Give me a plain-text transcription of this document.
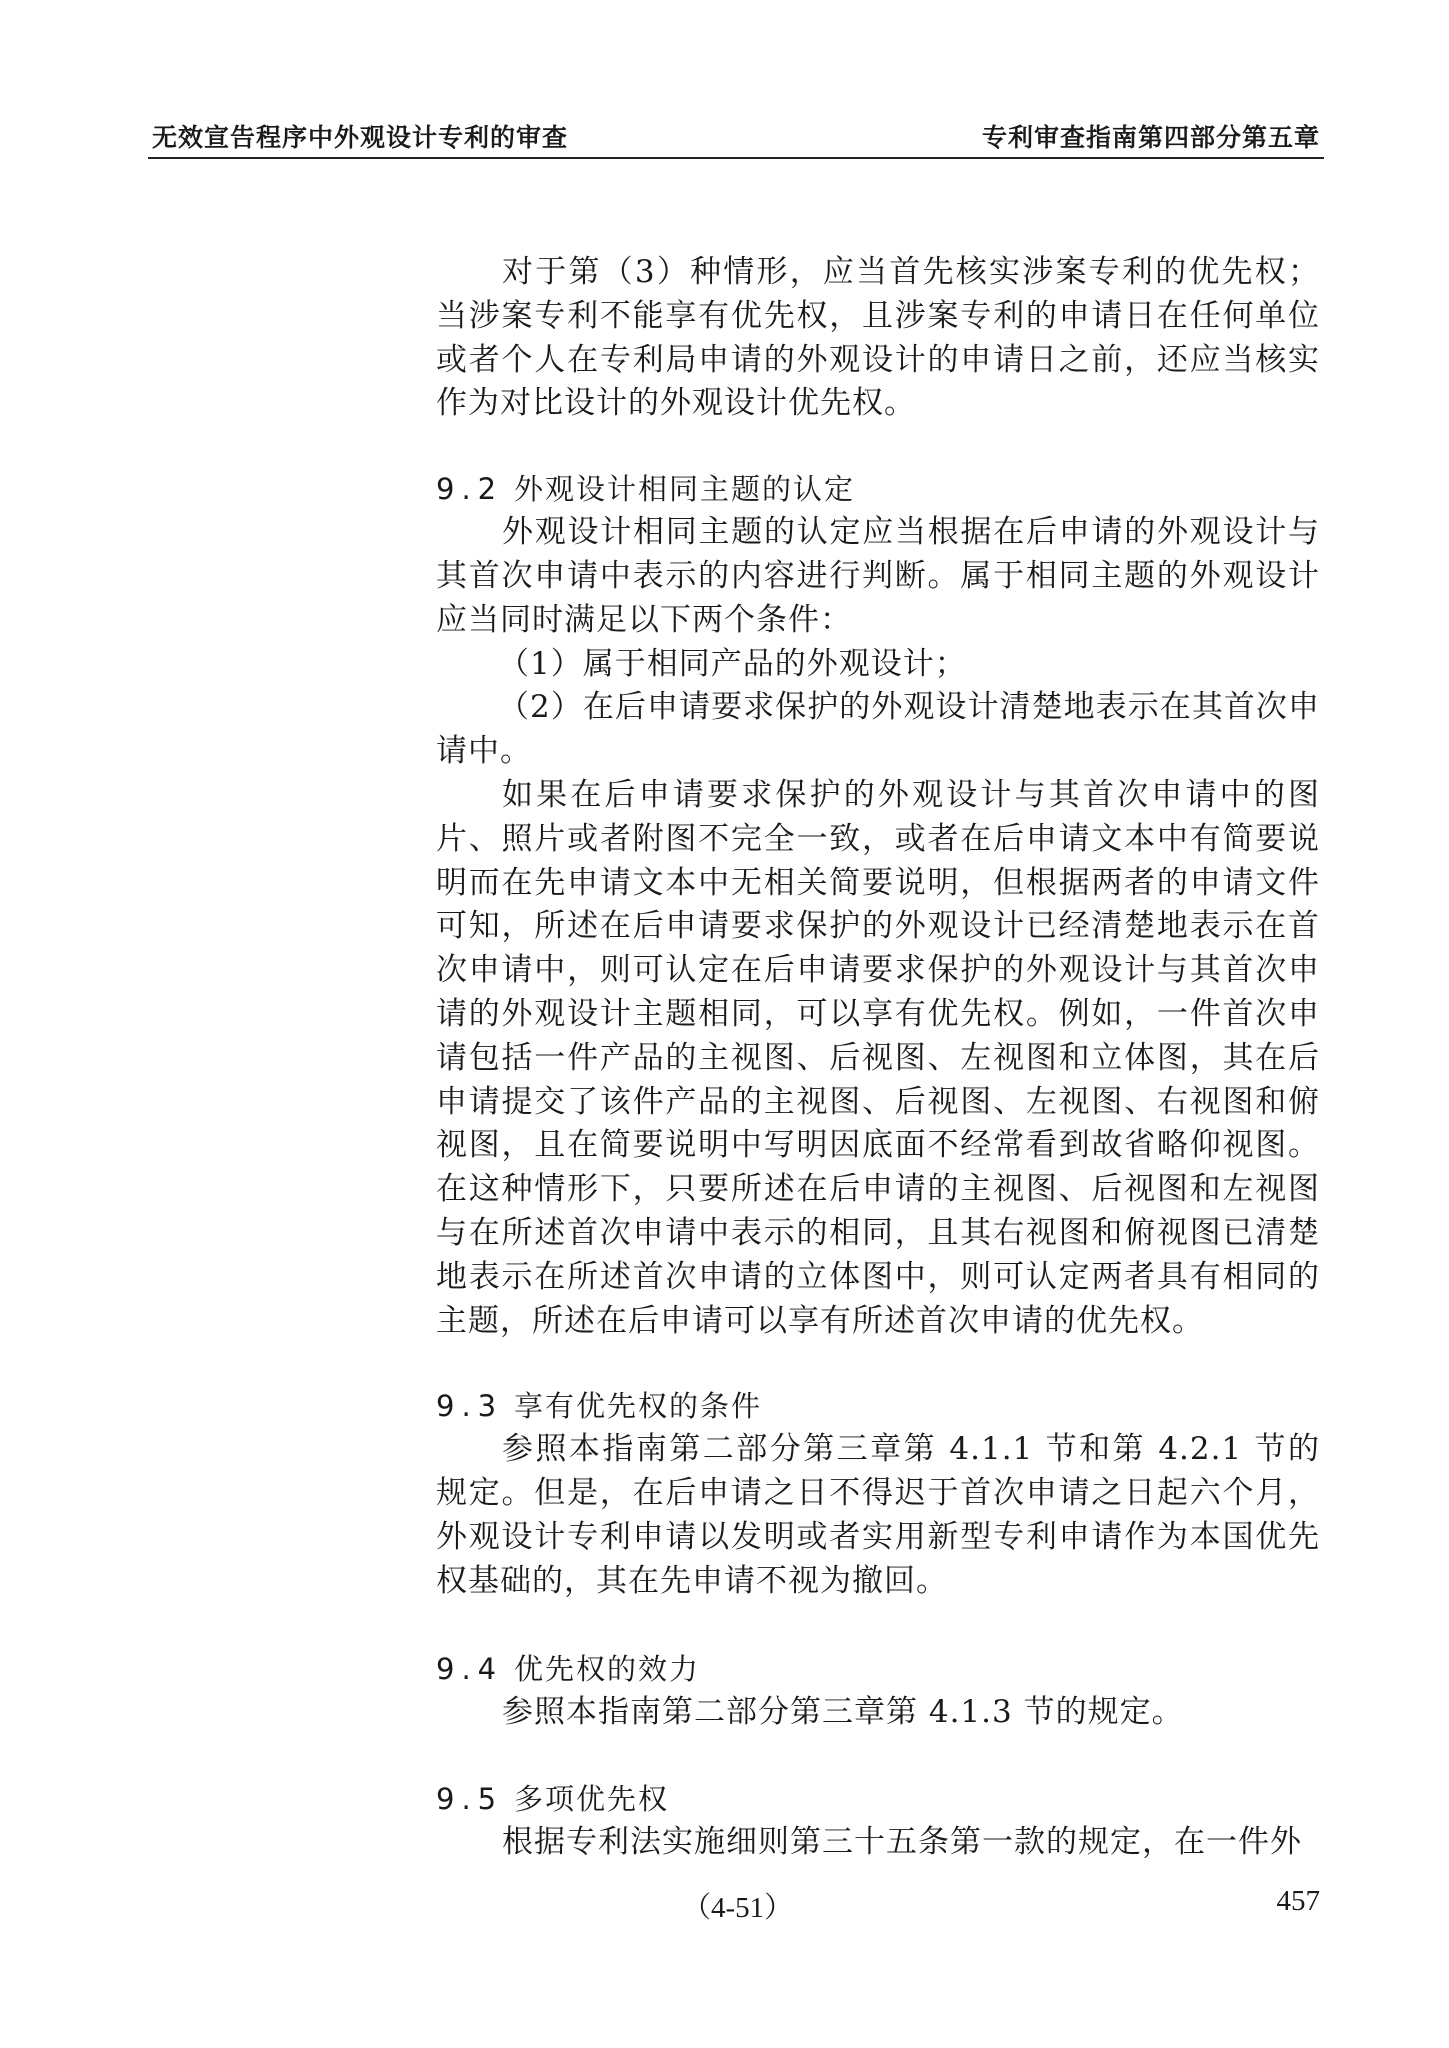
无效宣告程序中外观设计专利的审查	专利审查指南第四部分第五章

对于第（3）种情形，应当首先核实涉案专利的优先权；当涉案专利不能享有优先权，且涉案专利的申请日在任何单位或者个人在专利局申请的外观设计的申请日之前，还应当核实作为对比设计的外观设计优先权。

9.2 外观设计相同主题的认定

外观设计相同主题的认定应当根据在后申请的外观设计与其首次申请中表示的内容进行判断。属于相同主题的外观设计应当同时满足以下两个条件：

（1）属于相同产品的外观设计；

（2）在后申请要求保护的外观设计清楚地表示在其首次申请中。

如果在后申请要求保护的外观设计与其首次申请中的图片、照片或者附图不完全一致，或者在后申请文本中有简要说明而在先申请文本中无相关简要说明，但根据两者的申请文件可知，所述在后申请要求保护的外观设计已经清楚地表示在首次申请中，则可认定在后申请要求保护的外观设计与其首次申请的外观设计主题相同，可以享有优先权。例如，一件首次申请包括一件产品的主视图、后视图、左视图和立体图，其在后申请提交了该件产品的主视图、后视图、左视图、右视图和俯视图，且在简要说明中写明因底面不经常看到故省略仰视图。在这种情形下，只要所述在后申请的主视图、后视图和左视图与在所述首次申请中表示的相同，且其右视图和俯视图已清楚地表示在所述首次申请的立体图中，则可认定两者具有相同的主题，所述在后申请可以享有所述首次申请的优先权。

9.3 享有优先权的条件

参照本指南第二部分第三章第 4.1.1 节和第 4.2.1 节的规定。但是，在后申请之日不得迟于首次申请之日起六个月，外观设计专利申请以发明或者实用新型专利申请作为本国优先权基础的，其在先申请不视为撤回。

9.4 优先权的效力

参照本指南第二部分第三章第 4.1.3 节的规定。

9.5 多项优先权

根据专利法实施细则第三十五条第一款的规定，在一件外

（4-51）	457
